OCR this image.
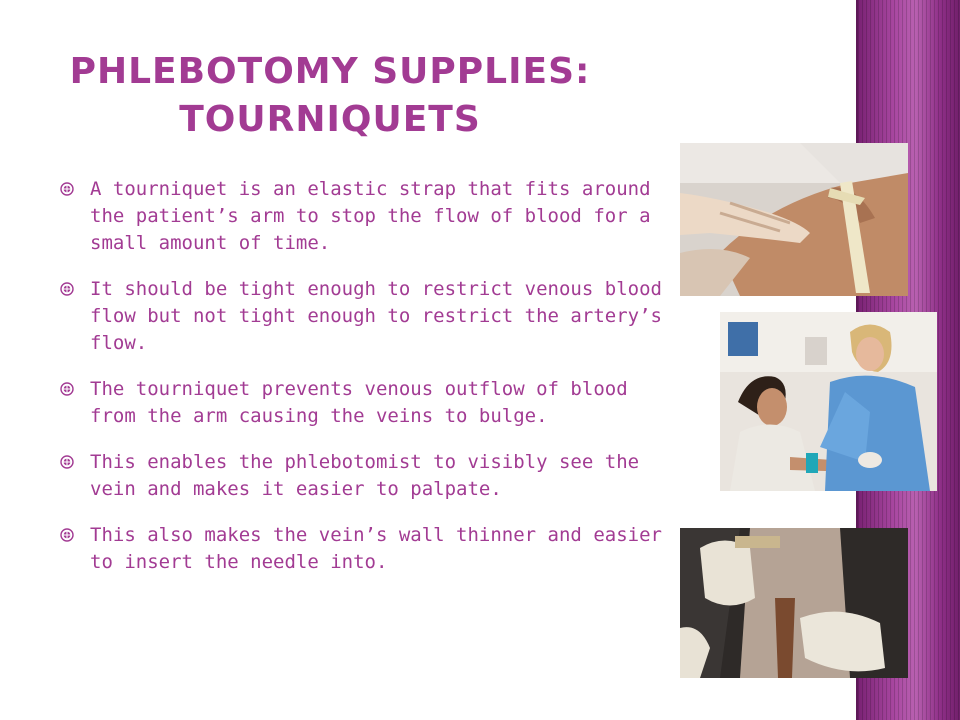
PHLEBOTOMY SUPPLIES:
TOURNIQUETS
A tourniquet is an elastic strap that fits around the patient’s arm to stop the flow of blood for a small amount of time.
It should be tight enough to restrict venous blood flow but not tight enough to restrict the artery’s flow.
The tourniquet prevents venous outflow of blood from the arm causing the veins to bulge.
This enables the phlebotomist to visibly see the vein and makes it easier to palpate.
This also makes the vein’s wall thinner and easier to insert the needle into.
